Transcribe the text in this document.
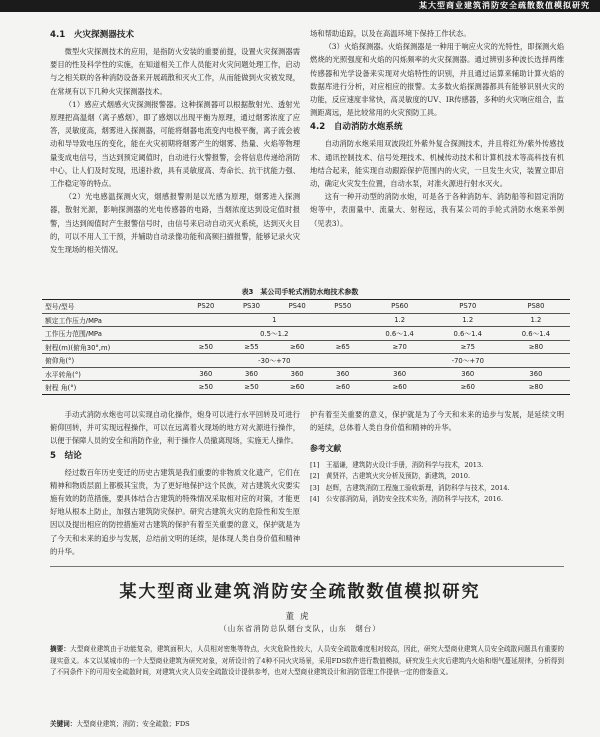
某大型商业建筑消防安全疏散数值模拟研究
4.1　火灾探测器技术

微型火灾探测技术的应用，是指防火安装的重要前提，设置火灾探测器需要目的性及科学性的实施，在知道相关工作人员能对火灾问题处理工作，启动与之相关联的各种消防设备来开展疏散和灭火工作，从而能做到火灾被发现，在常规有以下几种火灾探测器技术。

（1）感应式烟感火灾探测报警器。这种探测器可以根据散射光、透射光原理把高温烟（离子感烟），即了感烟以出现平衡为原理，通过烟雾浓度了应答，灵敏度高，烟雾进入探测器，可能将烟器电流变内电极平衡，离子流会被动和导导致电压的变化，能在火灾初期将烟雾产生的烟雾、热量、火焰等物理量变成电信号，当达到预定阈值时，自动进行火警报警，会将信息传递给消防中心，让人们及时发现，迅速扑救，具有灵敏度高、寿命长、抗干扰能力强、工作稳定等的特点。

（2）光电感温探测火灾，烟感报警则是以光感为原理，烟雾进入探测器，散射光源，影响探测器的光电传感器的电路，当烟浓度达到设定值时报警，当达到阀值时产生报警信号时，由信号来启动自动灭火系统，达到灭火目的，可以不用人工干预，并辅助自动录像功能和高频扫描报警，能够记录火灾发生现场的相关情况。

场和帮助追踪，以及在高温环境下保持工作状态。

（3）火焰探测器。火焰探测器是一种用于响应火灾的光特性，即探测火焰燃烧的光照强度和火焰的闪烁频率的火灾探测器。通过辨别多种波长选择两维传感器和光学设备来实现对火焰特性的识别，并且通过运算来辅助计算火焰的数据库进行分析，对应相应的报警。太多数火焰探测器都具有能够识别火灾的功能，反应速度非常快，高灵敏度的UV、IR传感器，多种的火灾响应组合，监测距离远，是比较常用的火灾预防工具。

4.2　自动消防水炮系统

自动消防水炮采用双波段红外紫外复合探测技术，并且将红外/紫外传感技术、通讯控制技术、信号处理技术、机械传动技术和计算机技术等高科技有机地结合起来，能实现自动跟踪保护范围内的火灾，一旦发生火灾，装置立即启动，确定火灾发生位置，自动水泵，对准火源进行射水灭火。

这有一种开动型的消防水炮，可是各于各种消防车、消防船等和固定消防炮等中，表面量中、流量大、射程远，我有某公司的手轮式消防水炮来举例（见表3）。

表3　某公司手轮式消防水炮技术参数
型号/型号	PS20	PS30	PS40	PS50	PS60	PS70	PS80
额定工作压力/MPa	1				1.2	1.2	1.2
工作压力范围/MPa	0.5～1.2				0.6～1.4	0.6～1.4	0.6～1.4
射程(m)(俯角30°,m)	≥50	≥55	≥60	≥65	≥70	≥75	≥80
俯仰角(°)	-30～+70				-70～+70		
水平转角(°)	360	360	360	360	360	360	360
射程 角(°)	≥50	≥50	≥60	≥60	≥60	≥60	≥80

手动式消防水炮也可以实现自动化操作，炮身可以进行水平回转及可进行俯仰回转，并可实现远程操作，可以在远离着火现场的地方对火源进行操作，以便于保障人员的安全和消防作业，利于操作人员撤离现场，实施无人操作。

5　结论

经过数百年历史变迁的历史古建筑是我们重要的非物质文化遗产，它们在精神和物质层面上都极其宝贵，为了更好地保护这个民族，对古建筑火灾要实施有效的防范措施，要具体结合古建筑的特殊情况采取相对应的对策，才能更好地从根本上防止，加强古建筑防灾保护。研究古建筑火灾的危险性和发生原因以及提出相应的防控措施对古建筑的保护有着至关重要的意义，保护就是为了今天和未来的追步与发展，总结前文明的延续，是体现人类自身价值和精神的升华。

护有着至关重要的意义，保护就是为了今天和未来的追步与发展，是延续文明的延续，总体着人类自身价值和精神的升华。

参考文献
[1]　王福谦，建筑防火设计手册，消防科学与技术，2013.
[2]　黄贤祥，古建筑火灾分析及预防，新建筑，2010.
[3]　赵辉，古建筑消防工程施工验收新理，消防科学与技术，2014.
[4]　公安部消防局，消防安全技术实务，消防科学与技术，2016.
某大型商业建筑消防安全疏散数值模拟研究
董虎
（山东省消防总队烟台支队，山东　烟台）
摘要：大型商业建筑由于功能复杂，建筑面积大，人员相对密集等特点，火灾危险性较大，人员安全疏散难度相对较高，因此，研究大型商业建筑人员安全疏散问题具有重要的现实意义。本文以某城市的一个大型商业建筑为研究对象，对所设计的了4种不同火灾场景，采用FDS软件进行数值模拟，研究发生火灾后建筑内火焰和烟气蔓延规律，分析得到了不同条件下的可用安全疏散时间，对建筑火灾人员安全疏散设计提供参考，也对大型商业建筑设计和消防管理工作提供一定的借鉴意义。
关键词：大型商业建筑；消防；安全疏散；FDS
